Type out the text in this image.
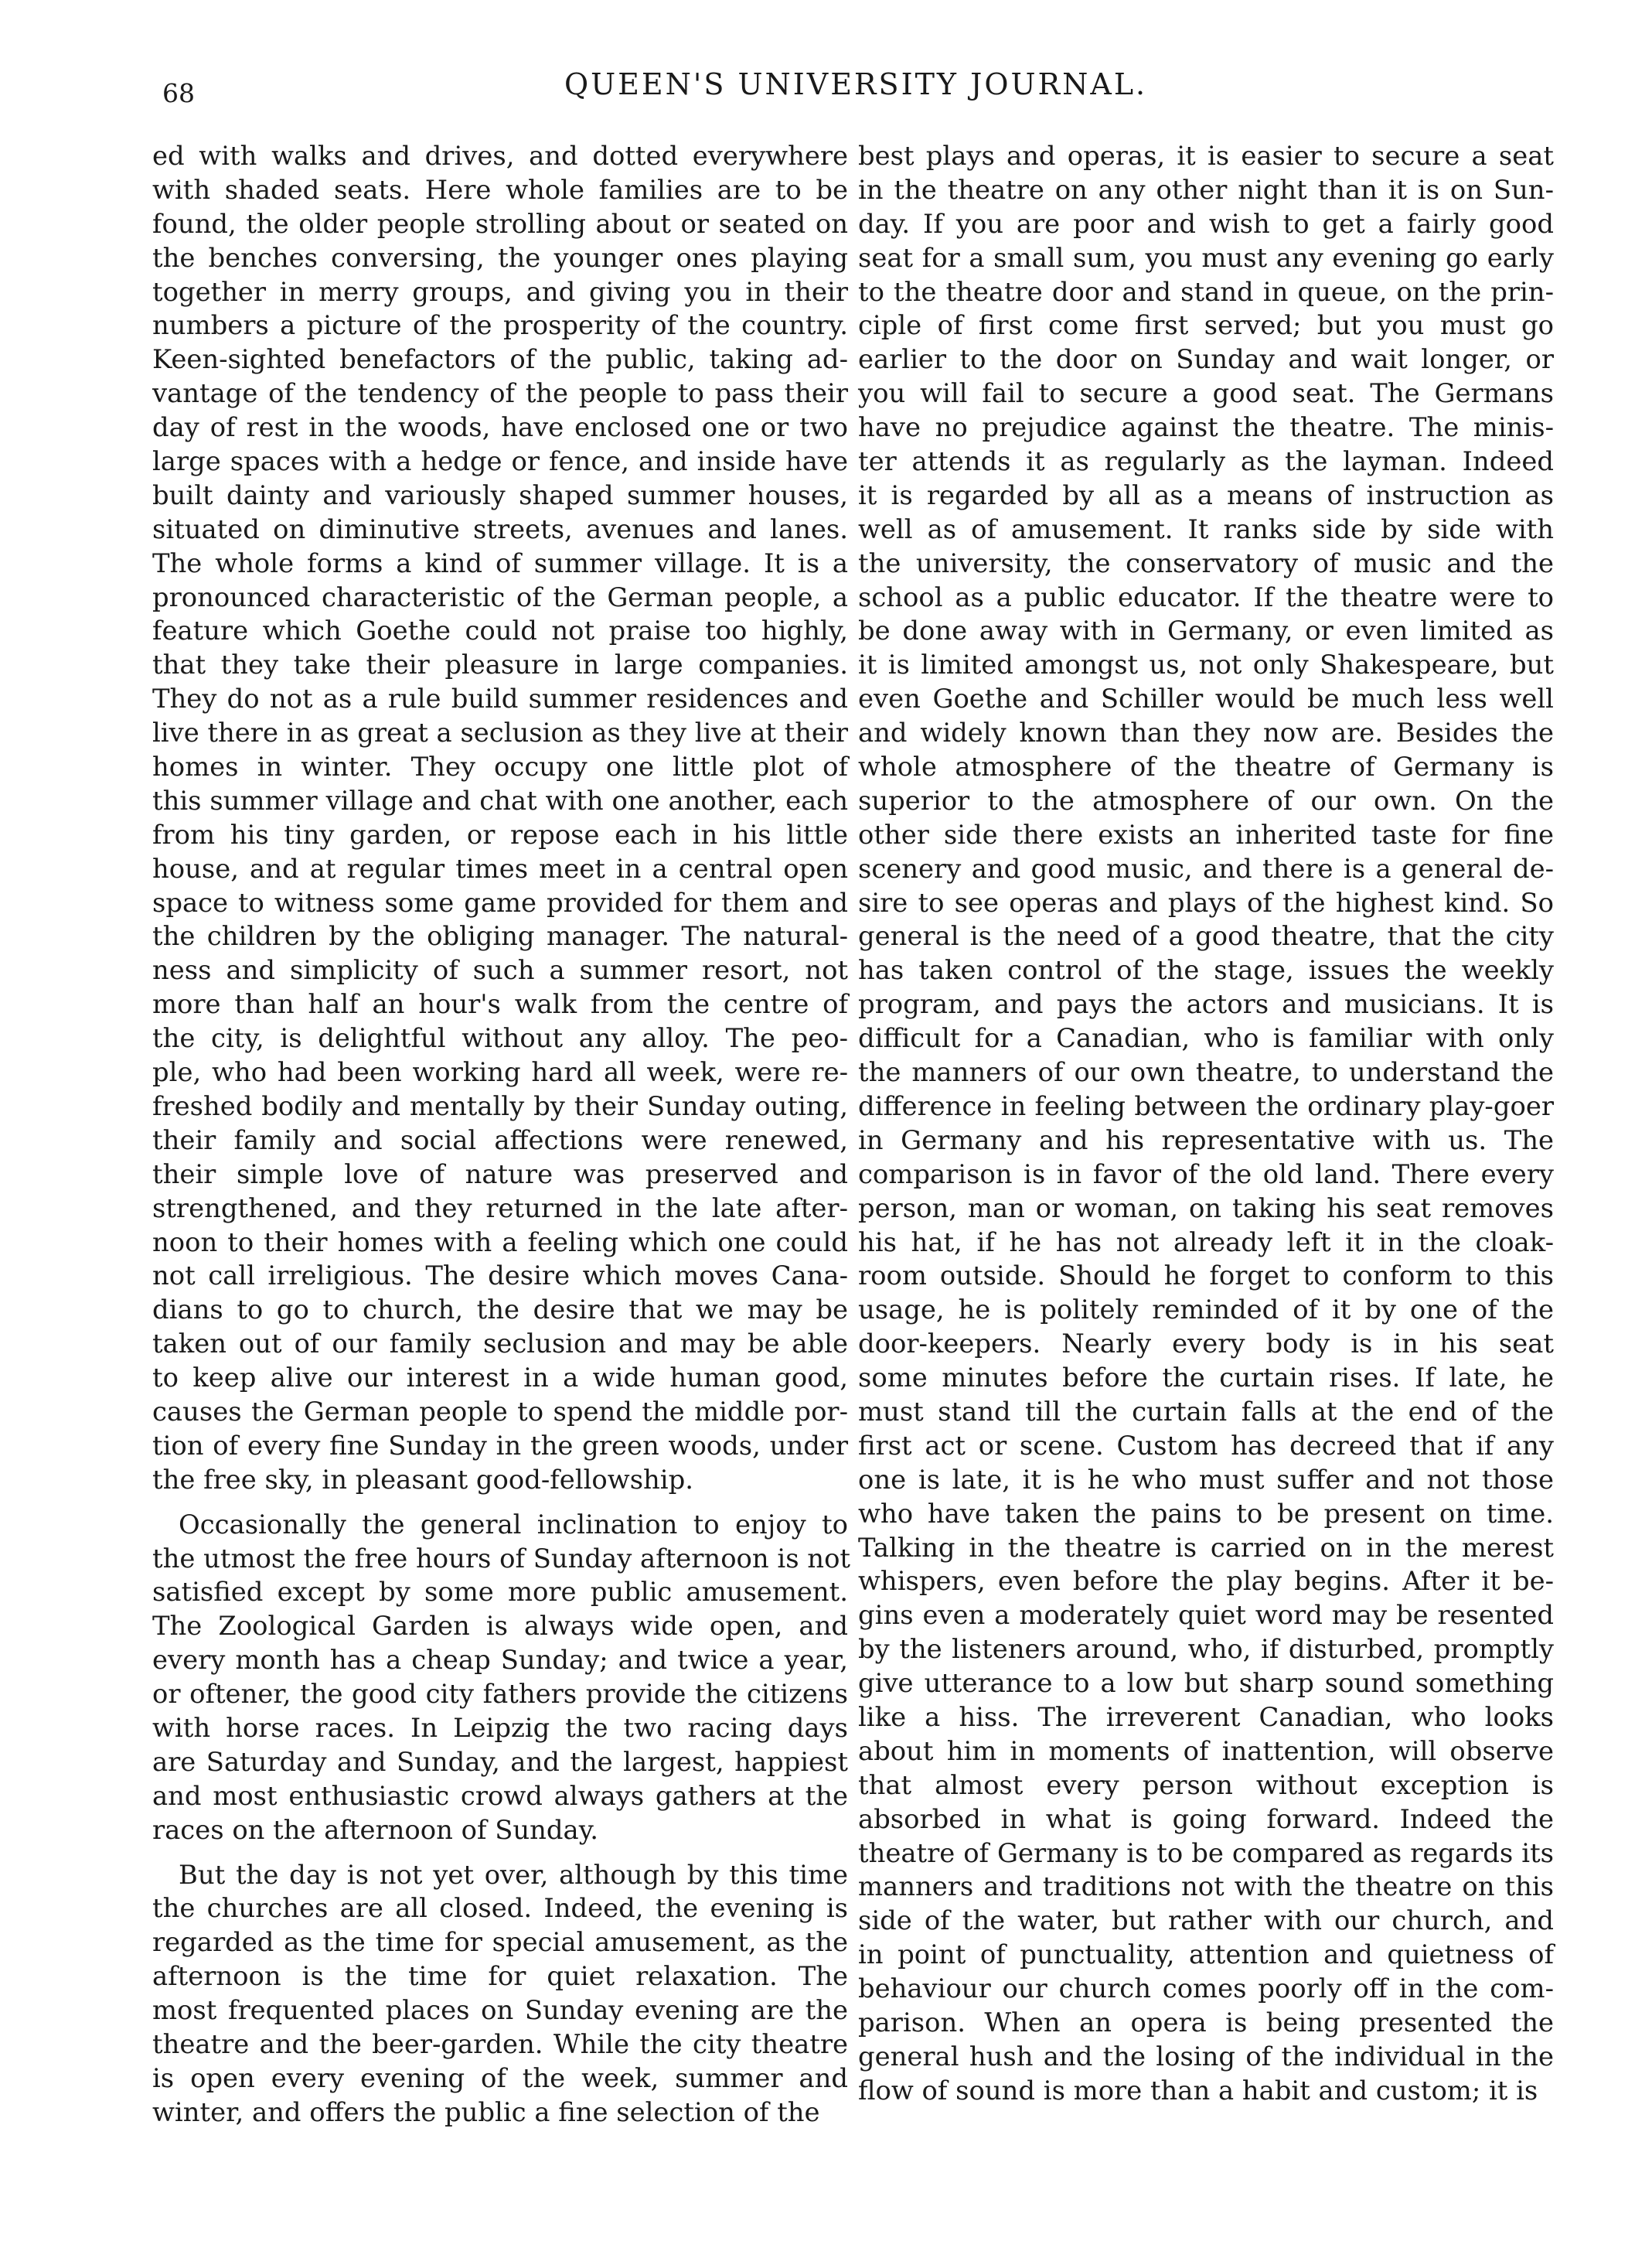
68	QUEEN'S UNIVERSITY JOURNAL.
ed with walks and drives, and dotted everywhere
with shaded seats. Here whole families are to be
found, the older people strolling about or seated on
the benches conversing, the younger ones playing
together in merry groups, and giving you in their
numbers a picture of the prosperity of the country.
Keen-sighted benefactors of the public, taking ad-
vantage of the tendency of the people to pass their
day of rest in the woods, have enclosed one or two
large spaces with a hedge or fence, and inside have
built dainty and variously shaped summer houses,
situated on diminutive streets, avenues and lanes.
The whole forms a kind of summer village. It is a
pronounced characteristic of the German people, a
feature which Goethe could not praise too highly,
that they take their pleasure in large companies.
They do not as a rule build summer residences and
live there in as great a seclusion as they live at their
homes in winter. They occupy one little plot of
this summer village and chat with one another, each
from his tiny garden, or repose each in his little
house, and at regular times meet in a central open
space to witness some game provided for them and
the children by the obliging manager. The natural-
ness and simplicity of such a summer resort, not
more than half an hour's walk from the centre of
the city, is delightful without any alloy. The peo-
ple, who had been working hard all week, were re-
freshed bodily and mentally by their Sunday outing,
their family and social affections were renewed,
their simple love of nature was preserved and
strengthened, and they returned in the late after-
noon to their homes with a feeling which one could
not call irreligious. The desire which moves Cana-
dians to go to church, the desire that we may be
taken out of our family seclusion and may be able
to keep alive our interest in a wide human good,
causes the German people to spend the middle por-
tion of every fine Sunday in the green woods, under
the free sky, in pleasant good-fellowship.
Occasionally the general inclination to enjoy to
the utmost the free hours of Sunday afternoon is not
satisfied except by some more public amusement.
The Zoological Garden is always wide open, and
every month has a cheap Sunday; and twice a year,
or oftener, the good city fathers provide the citizens
with horse races. In Leipzig the two racing days
are Saturday and Sunday, and the largest, happiest
and most enthusiastic crowd always gathers at the
races on the afternoon of Sunday.
But the day is not yet over, although by this time
the churches are all closed. Indeed, the evening is
regarded as the time for special amusement, as the
afternoon is the time for quiet relaxation. The
most frequented places on Sunday evening are the
theatre and the beer-garden. While the city theatre
is open every evening of the week, summer and
winter, and offers the public a fine selection of the
best plays and operas, it is easier to secure a seat
in the theatre on any other night than it is on Sun-
day. If you are poor and wish to get a fairly good
seat for a small sum, you must any evening go early
to the theatre door and stand in queue, on the prin-
ciple of first come first served; but you must go
earlier to the door on Sunday and wait longer, or
you will fail to secure a good seat. The Germans
have no prejudice against the theatre. The minis-
ter attends it as regularly as the layman. Indeed
it is regarded by all as a means of instruction as
well as of amusement. It ranks side by side with
the university, the conservatory of music and the
school as a public educator. If the theatre were to
be done away with in Germany, or even limited as
it is limited amongst us, not only Shakespeare, but
even Goethe and Schiller would be much less well
and widely known than they now are. Besides the
whole atmosphere of the theatre of Germany is
superior to the atmosphere of our own. On the
other side there exists an inherited taste for fine
scenery and good music, and there is a general de-
sire to see operas and plays of the highest kind. So
general is the need of a good theatre, that the city
has taken control of the stage, issues the weekly
program, and pays the actors and musicians. It is
difficult for a Canadian, who is familiar with only
the manners of our own theatre, to understand the
difference in feeling between the ordinary play-goer
in Germany and his representative with us. The
comparison is in favor of the old land. There every
person, man or woman, on taking his seat removes
his hat, if he has not already left it in the cloak-
room outside. Should he forget to conform to this
usage, he is politely reminded of it by one of the
door-keepers. Nearly every body is in his seat
some minutes before the curtain rises. If late, he
must stand till the curtain falls at the end of the
first act or scene. Custom has decreed that if any
one is late, it is he who must suffer and not those
who have taken the pains to be present on time.
Talking in the theatre is carried on in the merest
whispers, even before the play begins. After it be-
gins even a moderately quiet word may be resented
by the listeners around, who, if disturbed, promptly
give utterance to a low but sharp sound something
like a hiss. The irreverent Canadian, who looks
about him in moments of inattention, will observe
that almost every person without exception is
absorbed in what is going forward. Indeed the
theatre of Germany is to be compared as regards its
manners and traditions not with the theatre on this
side of the water, but rather with our church, and
in point of punctuality, attention and quietness of
behaviour our church comes poorly off in the com-
parison. When an opera is being presented the
general hush and the losing of the individual in the
flow of sound is more than a habit and custom; it is
